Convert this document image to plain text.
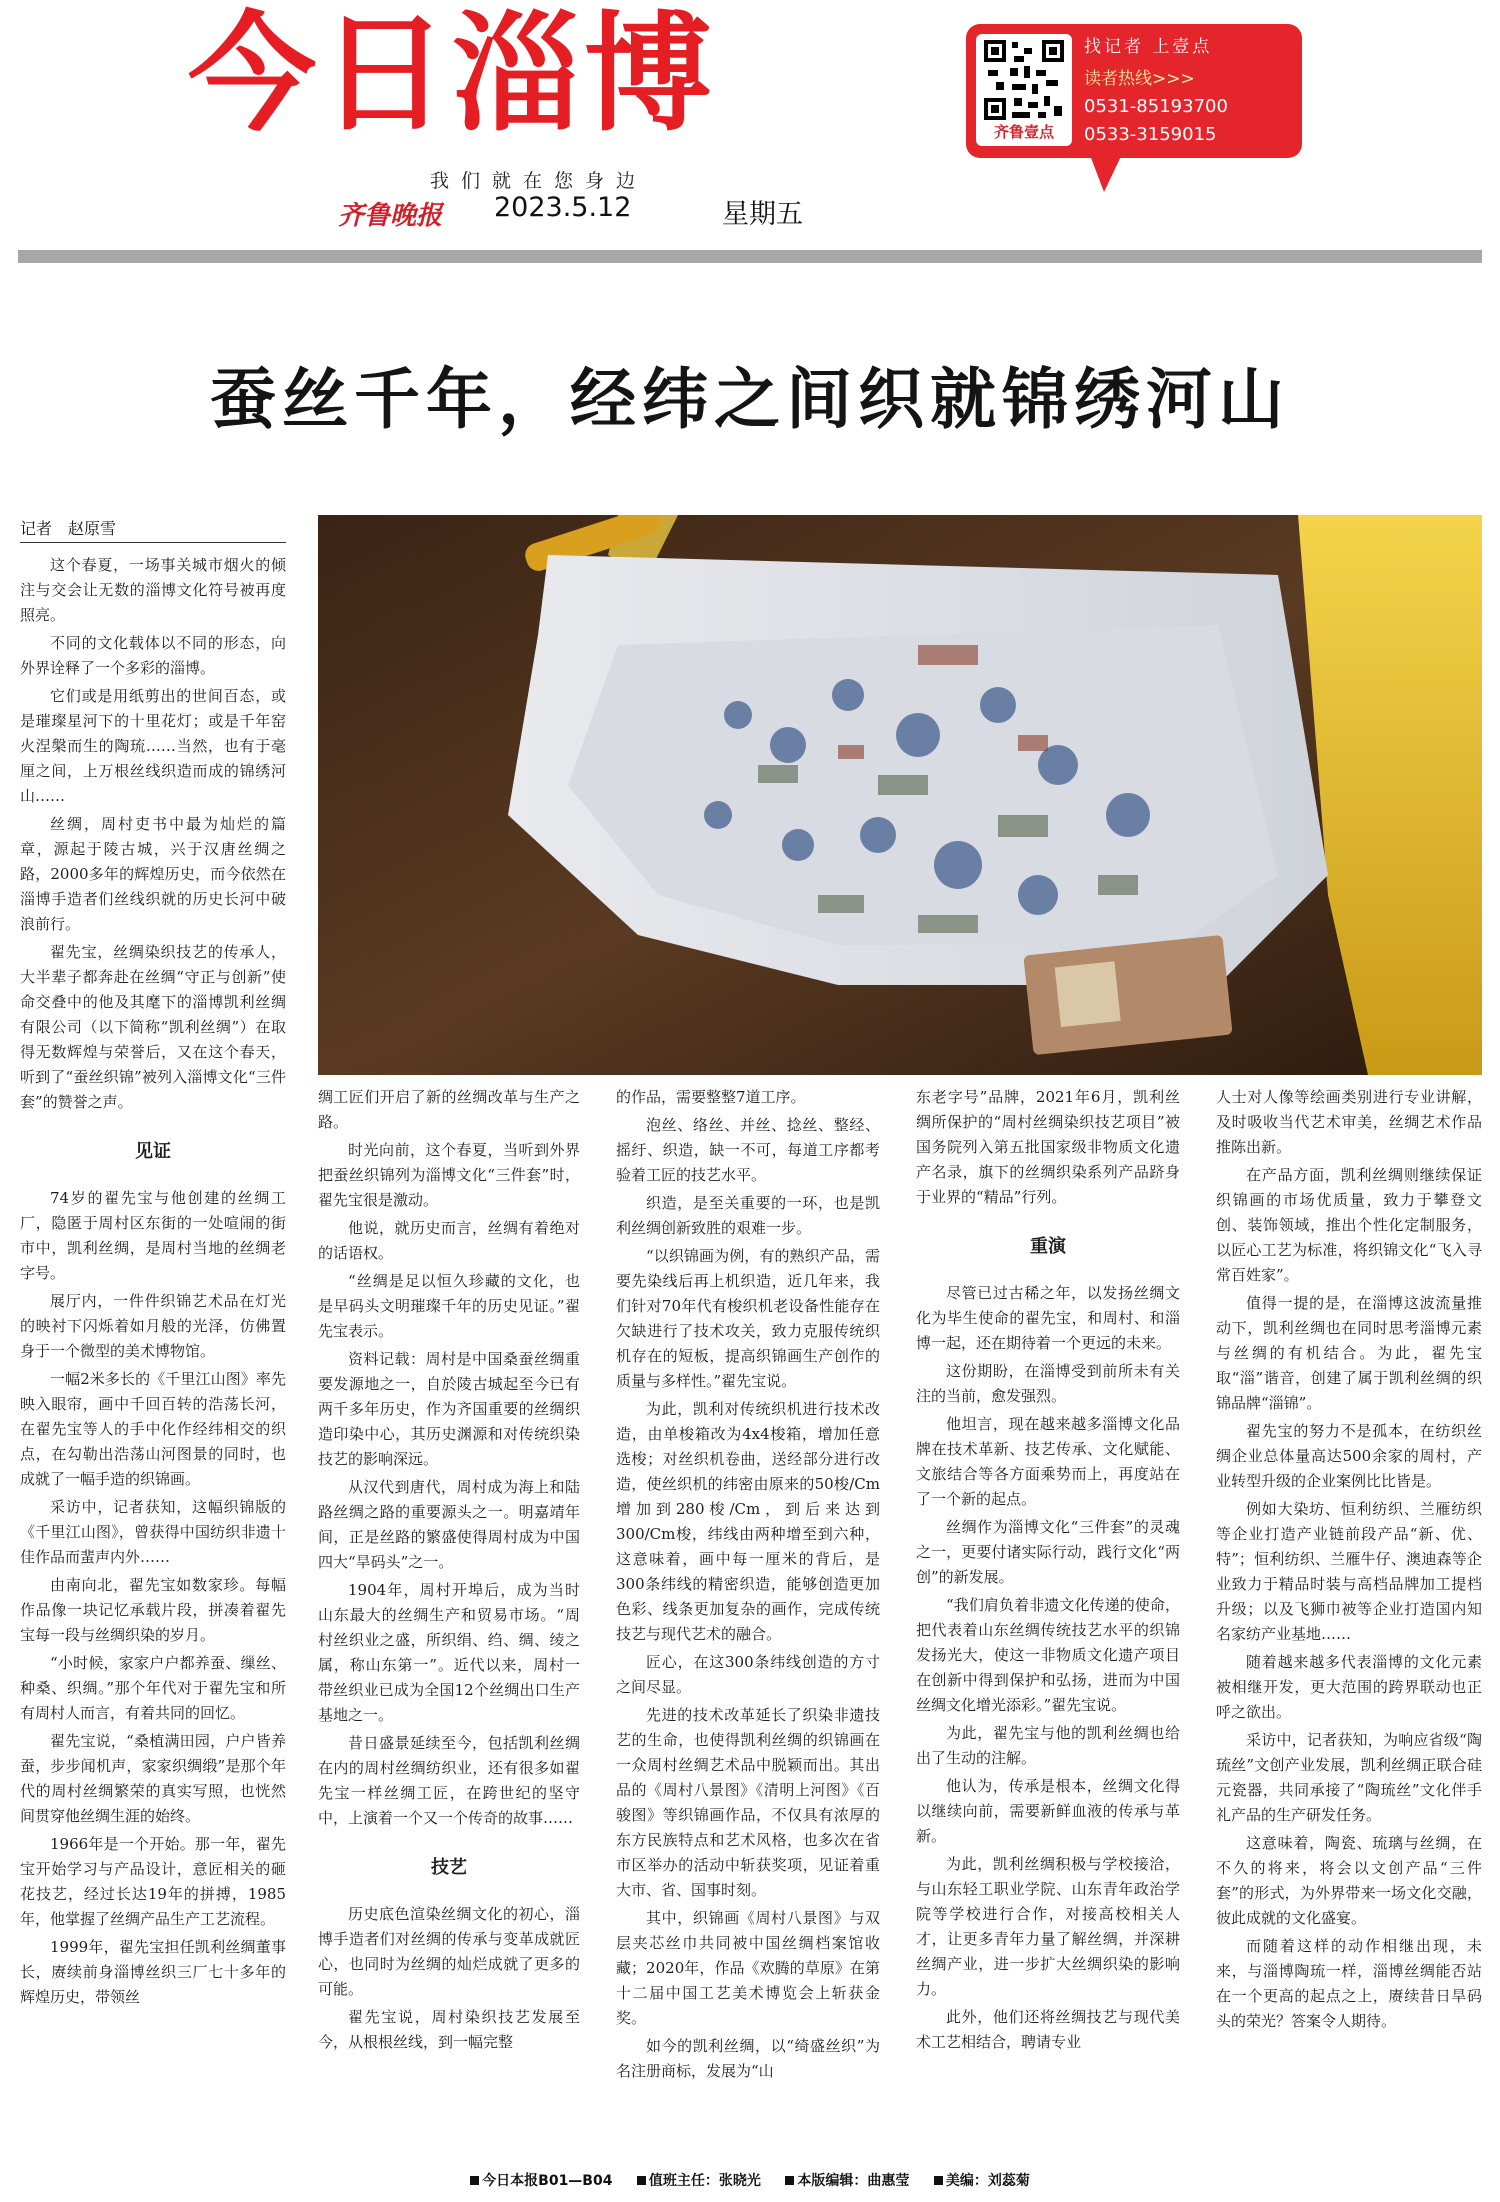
今日淄博
我们就在您身边
齐鲁晚报 2023.5.12	星期五
齐鲁壹点
找记者 上壹点
读者热线>>>
0531-85193700
0533-3159015
蚕丝千年，经纬之间织就锦绣河山
记者　赵原雪

这个春夏，一场事关城市烟火的倾注与交会让无数的淄博文化符号被再度照亮。

不同的文化载体以不同的形态，向外界诠释了一个多彩的淄博。

它们或是用纸剪出的世间百态，或是璀璨星河下的十里花灯；或是千年窑火涅槃而生的陶琉……当然，也有于毫厘之间，上万根丝线织造而成的锦绣河山……

丝绸，周村吏书中最为灿烂的篇章，源起于陵古城，兴于汉唐丝绸之路，2000多年的辉煌历史，而今依然在淄博手造者们丝线织就的历史长河中破浪前行。

翟先宝，丝绸染织技艺的传承人，大半辈子都奔赴在丝绸“守正与创新”使命交叠中的他及其麾下的淄博凯利丝绸有限公司（以下简称“凯利丝绸”）在取得无数辉煌与荣誉后，又在这个春天，听到了“蚕丝织锦”被列入淄博文化“三件套”的赞誉之声。

见证

74岁的翟先宝与他创建的丝绸工厂，隐匿于周村区东街的一处喧闹的街市中，凯利丝绸，是周村当地的丝绸老字号。

展厅内，一件件织锦艺术品在灯光的映衬下闪烁着如月般的光泽，仿佛置身于一个微型的美术博物馆。

一幅2米多长的《千里江山图》率先映入眼帘，画中千回百转的浩荡长河，在翟先宝等人的手中化作经纬相交的织点，在勾勒出浩荡山河图景的同时，也成就了一幅手造的织锦画。

采访中，记者获知，这幅织锦版的《千里江山图》，曾获得中国纺织非遗十佳作品而蜚声内外……

由南向北，翟先宝如数家珍。每幅作品像一块记忆承载片段，拼凑着翟先宝每一段与丝绸织染的岁月。

“小时候，家家户户都养蚕、缫丝、种桑、织绸。”那个年代对于翟先宝和所有周村人而言，有着共同的回忆。

翟先宝说，“桑植满田园，户户皆养蚕，步步闻机声，家家织绸缎”是那个年代的周村丝绸繁荣的真实写照，也恍然间贯穿他丝绸生涯的始终。

1966年是一个开始。那一年，翟先宝开始学习与产品设计，意匠相关的砸花技艺，经过长达19年的拼搏，1985年，他掌握了丝绸产品生产工艺流程。

1999年，翟先宝担任凯利丝绸董事长，赓续前身淄博丝织三厂七十多年的辉煌历史，带领丝

绸工匠们开启了新的丝绸改革与生产之路。

时光向前，这个春夏，当听到外界把蚕丝织锦列为淄博文化“三件套”时，翟先宝很是激动。

他说，就历史而言，丝绸有着绝对的话语权。

“丝绸是足以恒久珍藏的文化，也是早码头文明璀璨千年的历史见证。”翟先宝表示。

资料记载：周村是中国桑蚕丝绸重要发源地之一，自於陵古城起至今已有两千多年历史，作为齐国重要的丝绸织造印染中心，其历史渊源和对传统织染技艺的影响深远。

从汉代到唐代，周村成为海上和陆路丝绸之路的重要源头之一。明嘉靖年间，正是丝路的繁盛使得周村成为中国四大“旱码头”之一。

1904年，周村开埠后，成为当时山东最大的丝绸生产和贸易市场。“周村丝织业之盛，所织绢、绉、绸、绫之属，称山东第一”。近代以来，周村一带丝织业已成为全国12个丝绸出口生产基地之一。

昔日盛景延续至今，包括凯利丝绸在内的周村丝绸纺织业，还有很多如翟先宝一样丝绸工匠，在跨世纪的坚守中，上演着一个又一个传奇的故事……

技艺

历史底色渲染丝绸文化的初心，淄博手造者们对丝绸的传承与变革成就匠心，也同时为丝绸的灿烂成就了更多的可能。

翟先宝说，周村染织技艺发展至今，从根根丝线，到一幅完整

的作品，需要整整7道工序。

泡丝、络丝、并丝、捻丝、整经、摇纡、织造，缺一不可，每道工序都考验着工匠的技艺水平。

织造，是至关重要的一环，也是凯利丝绸创新致胜的艰难一步。

“以织锦画为例，有的熟织产品，需要先染线后再上机织造，近几年来，我们针对70年代有梭织机老设备性能存在欠缺进行了技术攻关，致力克服传统织机存在的短板，提高织锦画生产创作的质量与多样性。”翟先宝说。

为此，凯利对传统织机进行技术改造，由单梭箱改为4x4梭箱，增加任意选梭；对丝织机卷曲，送经部分进行改造，使丝织机的纬密由原来的50梭/Cm增加到280梭/Cm，到后来达到300/Cm梭，纬线由两种增至到六种，这意味着，画中每一厘米的背后，是300条纬线的精密织造，能够创造更加色彩、线条更加复杂的画作，完成传统技艺与现代艺术的融合。

匠心，在这300条纬线创造的方寸之间尽显。

先进的技术改革延长了织染非遗技艺的生命，也使得凯利丝绸的织锦画在一众周村丝绸艺术品中脱颖而出。其出品的《周村八景图》《清明上河图》《百骏图》等织锦画作品，不仅具有浓厚的东方民族特点和艺术风格，也多次在省市区举办的活动中斩获奖项，见证着重大市、省、国事时刻。

其中，织锦画《周村八景图》与双层夹芯丝巾共同被中国丝绸档案馆收藏；2020年，作品《欢腾的草原》在第十二届中国工艺美术博览会上斩获金奖。

如今的凯利丝绸，以“绮盛丝织”为名注册商标，发展为“山

东老字号”品牌，2021年6月，凯利丝绸所保护的“周村丝绸染织技艺项目”被国务院列入第五批国家级非物质文化遗产名录，旗下的丝绸织染系列产品跻身于业界的“精品”行列。

重演

尽管已过古稀之年，以发扬丝绸文化为毕生使命的翟先宝，和周村、和淄博一起，还在期待着一个更远的未来。

这份期盼，在淄博受到前所未有关注的当前，愈发强烈。

他坦言，现在越来越多淄博文化品牌在技术革新、技艺传承、文化赋能、文旅结合等各方面乘势而上，再度站在了一个新的起点。

丝绸作为淄博文化“三件套”的灵魂之一，更要付诸实际行动，践行文化“两创”的新发展。

“我们肩负着非遗文化传递的使命，把代表着山东丝绸传统技艺水平的织锦发扬光大，使这一非物质文化遗产项目在创新中得到保护和弘扬，进而为中国丝绸文化增光添彩。”翟先宝说。

为此，翟先宝与他的凯利丝绸也给出了生动的注解。

他认为，传承是根本，丝绸文化得以继续向前，需要新鲜血液的传承与革新。

为此，凯利丝绸积极与学校接洽，与山东轻工职业学院、山东青年政治学院等学校进行合作，对接高校相关人才，让更多青年力量了解丝绸，并深耕丝绸产业，进一步扩大丝绸织染的影响力。

此外，他们还将丝绸技艺与现代美术工艺相结合，聘请专业

人士对人像等绘画类别进行专业讲解，及时吸收当代艺术审美，丝绸艺术作品推陈出新。

在产品方面，凯利丝绸则继续保证织锦画的市场优质量，致力于攀登文创、装饰领域，推出个性化定制服务，以匠心工艺为标准，将织锦文化“飞入寻常百姓家”。

值得一提的是，在淄博这波流量推动下，凯利丝绸也在同时思考淄博元素与丝绸的有机结合。为此，翟先宝取“淄”谐音，创建了属于凯利丝绸的织锦品牌“淄锦”。

翟先宝的努力不是孤本，在纺织丝绸企业总体量高达500余家的周村，产业转型升级的企业案例比比皆是。

例如大染坊、恒利纺织、兰雁纺织等企业打造产业链前段产品“新、优、特”；恒利纺织、兰雁牛仔、澳迪森等企业致力于精品时装与高档品牌加工提档升级；以及飞狮巾被等企业打造国内知名家纺产业基地……

随着越来越多代表淄博的文化元素被相继开发，更大范围的跨界联动也正呼之欲出。

采访中，记者获知，为响应省级“陶琉丝”文创产业发展，凯利丝绸正联合硅元瓷器，共同承接了“陶琉丝”文化伴手礼产品的生产研发任务。

这意味着，陶瓷、琉璃与丝绸，在不久的将来，将会以文创产品“三件套”的形式，为外界带来一场文化交融，彼此成就的文化盛宴。

而随着这样的动作相继出现，未来，与淄博陶琉一样，淄博丝绸能否站在一个更高的起点之上，赓续昔日旱码头的荣光？答案令人期待。

今日本报B01—B04	值班主任：张晓光	本版编辑：曲惠莹	美编：刘蕊菊
